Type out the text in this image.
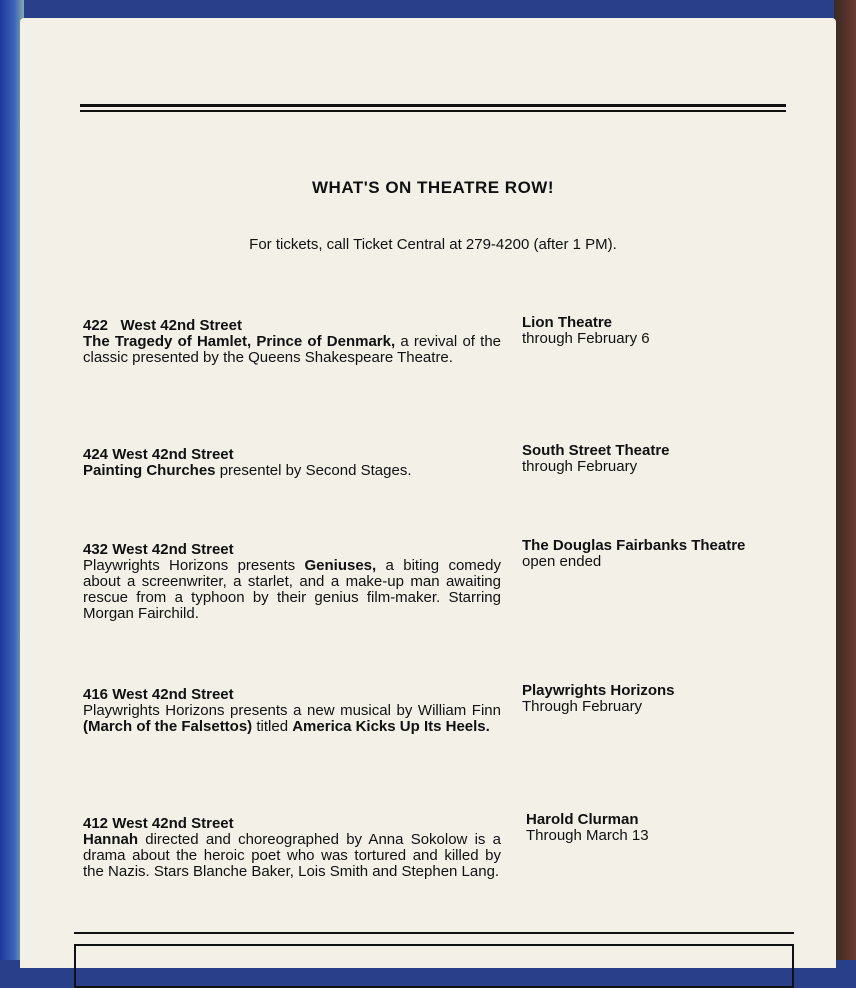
WHAT'S ON THEATRE ROW!
For tickets, call Ticket Central at 279-4200 (after 1 PM).
422   West 42nd Street
The Tragedy of Hamlet, Prince of Denmark, a revival of the classic presented by the Queens Shakespeare Theatre.
Lion Theatre
through February 6
424 West 42nd Street
Painting Churches presentel by Second Stages.
South Street Theatre
through February
432 West 42nd Street
Playwrights Horizons presents Geniuses, a biting comedy about a screenwriter, a starlet, and a make-up man awaiting rescue from a typhoon by their genius film-maker. Starring Morgan Fairchild.
The Douglas Fairbanks Theatre
open ended
416 West 42nd Street
Playwrights Horizons presents a new musical by William Finn (March of the Falsettos) titled America Kicks Up Its Heels.
Playwrights Horizons
Through February
412 West 42nd Street
Hannah directed and choreographed by Anna Sokolow is a drama about the heroic poet who was tortured and killed by the Nazis. Stars Blanche Baker, Lois Smith and Stephen Lang.
Harold Clurman
Through March 13
